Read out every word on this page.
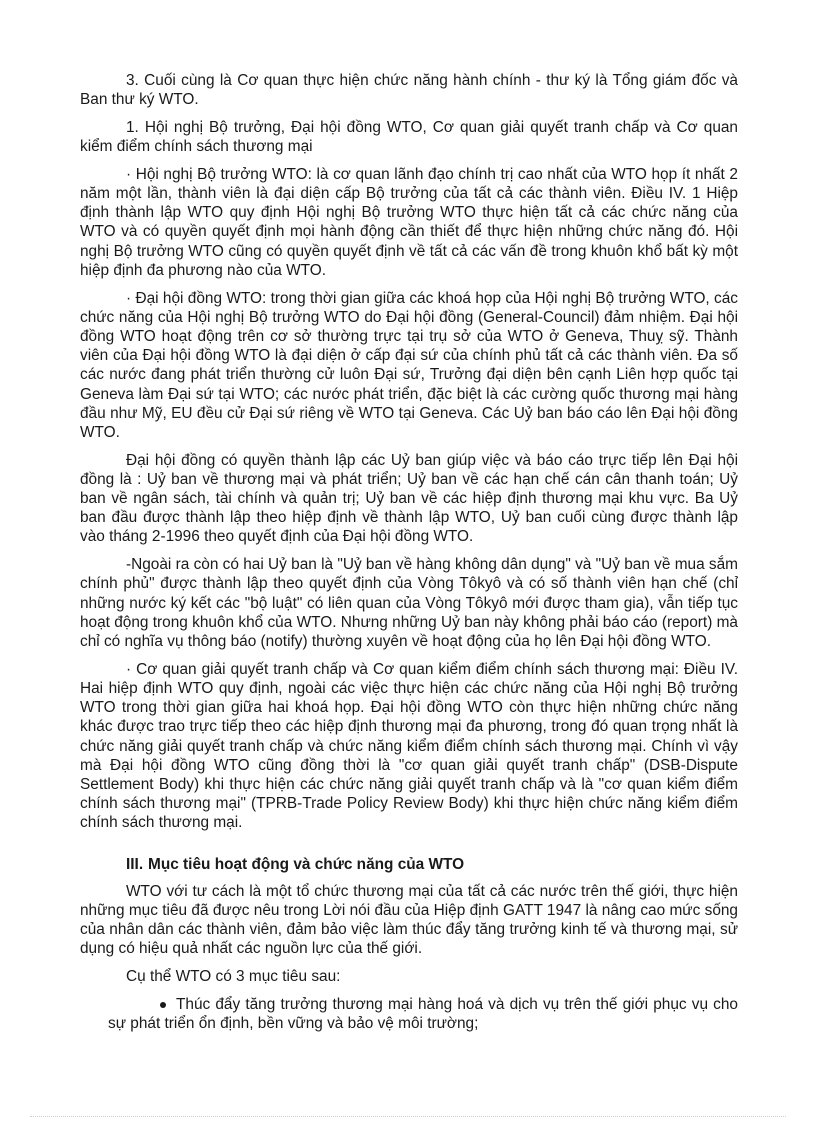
3. Cuối cùng là Cơ quan thực hiện chức năng hành chính - thư ký là Tổng giám đốc và Ban thư ký WTO.

1. Hội nghị Bộ trưởng, Đại hội đồng WTO, Cơ quan giải quyết tranh chấp và Cơ quan kiểm điểm chính sách thương mại

· Hội nghị Bộ trưởng WTO: là cơ quan lãnh đạo chính trị cao nhất của WTO họp ít nhất 2 năm một lần, thành viên là đại diện cấp Bộ trưởng của tất cả các thành viên. Điều IV. 1 Hiệp định thành lập WTO quy định Hội nghị Bộ trưởng WTO thực hiện tất cả các chức năng của WTO và có quyền quyết định mọi hành động cần thiết để thực hiện những chức năng đó. Hội nghị Bộ trưởng WTO cũng có quyền quyết định về tất cả các vấn đề trong khuôn khổ bất kỳ một hiệp định đa phương nào của WTO.

· Đại hội đồng WTO: trong thời gian giữa các khoá họp của Hội nghị Bộ trưởng WTO, các chức năng của Hội nghị Bộ trưởng WTO do Đại hội đồng (General-Council) đảm nhiệm. Đại hội đồng WTO hoạt động trên cơ sở thường trực tại trụ sở của WTO ở Geneva, Thuỵ sỹ. Thành viên của Đại hội đồng WTO là đại diện ở cấp đại sứ của chính phủ tất cả các thành viên. Đa số các nước đang phát triển thường cử luôn Đại sứ, Trưởng đại diện bên cạnh Liên hợp quốc tại Geneva làm Đại sứ tại WTO; các nước phát triển, đặc biệt là các cường quốc thương mại hàng đầu như Mỹ, EU đều cử Đại sứ riêng về WTO tại Geneva. Các Uỷ ban báo cáo lên Đại hội đồng WTO.

Đại hội đồng có quyền thành lập các Uỷ ban giúp việc và báo cáo trực tiếp lên Đại hội đồng là : Uỷ ban về thương mại và phát triển; Uỷ ban về các hạn chế cán cân thanh toán; Uỷ ban về ngân sách, tài chính và quản trị; Uỷ ban về các hiệp định thương mại khu vực. Ba Uỷ ban đầu được thành lập theo hiệp định về thành lập WTO, Uỷ ban cuối cùng được thành lập vào tháng 2-1996 theo quyết định của Đại hội đồng WTO.

-Ngoài ra còn có hai Uỷ ban là "Uỷ ban về hàng không dân dụng" và "Uỷ ban về mua sắm chính phủ" được thành lập theo quyết định của Vòng Tôkyô và có số thành viên hạn chế (chỉ những nước ký kết các "bộ luật" có liên quan của Vòng Tôkyô mới được tham gia), vẫn tiếp tục hoạt động trong khuôn khổ của WTO. Nhưng những Uỷ ban này không phải báo cáo (report) mà chỉ có nghĩa vụ thông báo (notify) thường xuyên về hoạt động của họ lên Đại hội đồng WTO.

· Cơ quan giải quyết tranh chấp và Cơ quan kiểm điểm chính sách thương mại: Điều IV. Hai hiệp định WTO quy định, ngoài các việc thực hiện các chức năng của Hội nghị Bộ trưởng WTO trong thời gian giữa hai khoá họp. Đại hội đồng WTO còn thực hiện những chức năng khác được trao trực tiếp theo các hiệp định thương mại đa phương, trong đó quan trọng nhất là chức năng giải quyết tranh chấp và chức năng kiểm điểm chính sách thương mại. Chính vì vậy mà Đại hội đồng WTO cũng đồng thời là "cơ quan giải quyết tranh chấp" (DSB-Dispute Settlement Body) khi thực hiện các chức năng giải quyết tranh chấp và là "cơ quan kiểm điểm chính sách thương mại" (TPRB-Trade Policy Review Body) khi thực hiện chức năng kiểm điểm chính sách thương mại.

III. Mục tiêu hoạt động và chức năng của WTO

WTO với tư cách là một tổ chức thương mại của tất cả các nước trên thế giới, thực hiện những mục tiêu đã được nêu trong Lời nói đầu của Hiệp định GATT 1947 là nâng cao mức sống của nhân dân các thành viên, đảm bảo việc làm thúc đẩy tăng trưởng kinh tế và thương mại, sử dụng có hiệu quả nhất các nguồn lực của thế giới.

Cụ thể WTO có 3 mục tiêu sau:

Thúc đẩy tăng trưởng thương mại hàng hoá và dịch vụ trên thế giới phục vụ cho sự phát triển ổn định, bền vững và bảo vệ môi trường;
